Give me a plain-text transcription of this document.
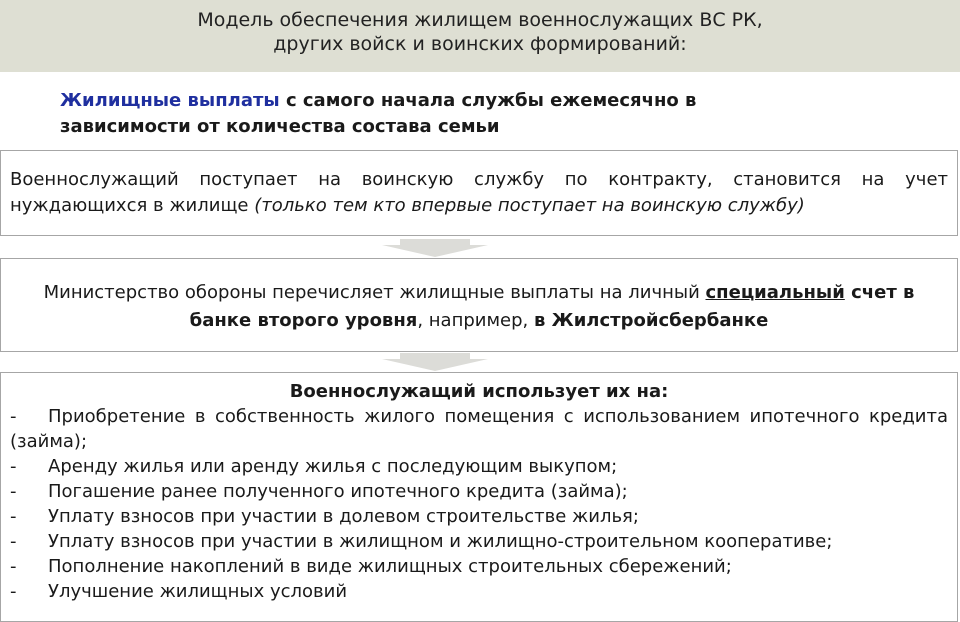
Модель обеспечения жилищем военнослужащих ВС РК,
других войск и воинских формирований:
Жилищные выплаты с самого начала службы ежемесячно в
зависимости от количества состава семьи
Военнослужащий поступает на воинскую службу по контракту, становится на учет нуждающихся в жилище (только тем кто впервые поступает на воинскую службу)
Министерство обороны перечисляет жилищные выплаты на личный специальный счет в банке второго уровня, например, в Жилстройсбербанке
Военнослужащий использует их на:
-	Приобретение в собственность жилого помещения с использованием ипотечного кредита
(займа);
-	Аренду жилья или аренду жилья с последующим выкупом;
-	Погашение ранее полученного ипотечного кредита (займа);
-	Уплату взносов при участии в долевом строительстве жилья;
-	Уплату взносов при участии в жилищном и жилищно-строительном кооперативе;
-	Пополнение накоплений в виде жилищных строительных сбережений;
-	Улучшение жилищных условий
